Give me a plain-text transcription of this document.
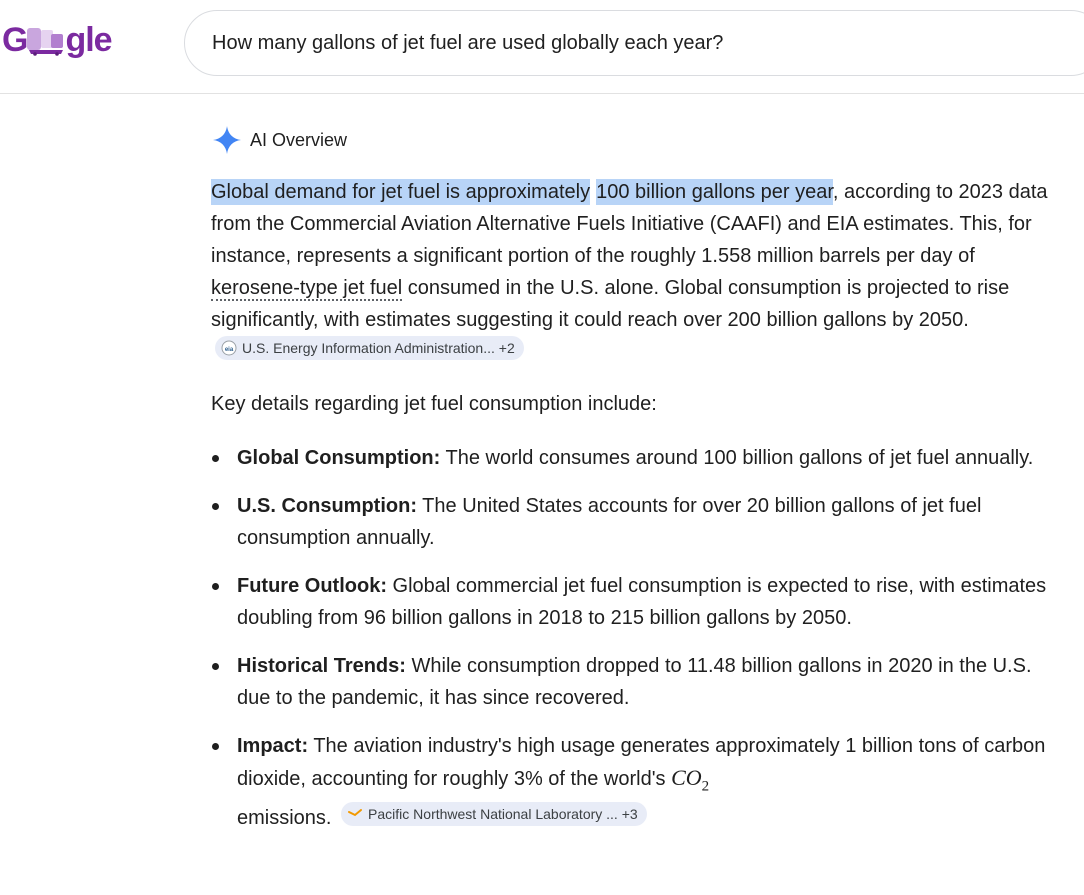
G gle
How many gallons of jet fuel are used globally each year?
AI Overview
Global demand for jet fuel is approximately 100 billion gallons per year, according to 2023 data from the Commercial Aviation Alternative Fuels Initiative (CAAFI) and EIA estimates. This, for instance, represents a significant portion of the roughly 1.558 million barrels per day of kerosene-type jet fuel consumed in the U.S. alone. Global consumption is projected to rise significantly, with estimates suggesting it could reach over 200 billion gallons by 2050.
eia U.S. Energy Information Administration... +2
Key details regarding jet fuel consumption include:
Global Consumption: The world consumes around 100 billion gallons of jet fuel annually.
U.S. Consumption: The United States accounts for over 20 billion gallons of jet fuel consumption annually.
Future Outlook: Global commercial jet fuel consumption is expected to rise, with estimates doubling from 96 billion gallons in 2018 to 215 billion gallons by 2050.
Historical Trends: While consumption dropped to 11.48 billion gallons in 2020 in the U.S. due to the pandemic, it has since recovered.
Impact: The aviation industry's high usage generates approximately 1 billion tons of carbon dioxide, accounting for roughly 3% of the world's $CO_2$
emissions.	Pacific Northwest National Laboratory ... +3
